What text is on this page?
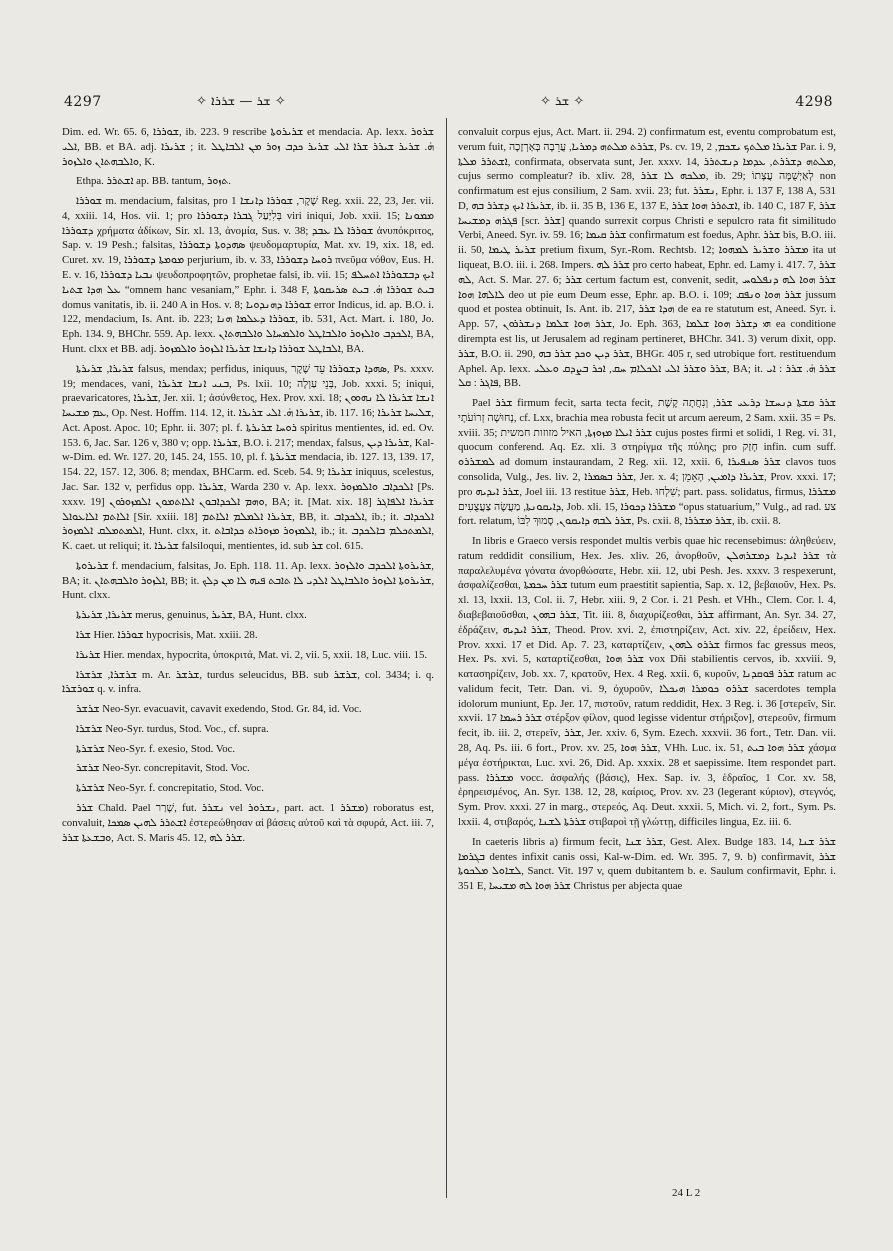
4297	✧ ܫܪ — ܫܪܪܐ ✧	✧ ܫܪ ✧	4298

Dim. ed. Wr. 65. 6, ܫܘܪܪܐ, ib. 223. 9 rescribe ܫܪܝܪܘܬܐ et mendacia. Ap. lexx. ܫܪܘܪ ܐܠܝ, BB. et BA. adj. ܫܪܝܪܐ ; it. ܗ̇. ܫܪܝܪ ܫܝܪܪ ܫܪܐ ܐܠܝ ܫܪܝܪ ܟܕܒ ܙܘܪ ܡܢ ܐܠܒܐܛܠ ܘܐܠܒܗܬܐܢ ܘܐܠܙܘܪ, K.

Ethpa. ܐܫܬܪܪ ap. BB. tantum, ܬܙܘܪ.

ܫܘܪܪܐ m. mendacium, falsitas, pro שֶׁקֶר, ܫܘܪܪܐ ܕܐܢܫܐ 1 Reg. xxii. 22, 23, Jer. vii. 4, xxiii. 14, Hos. vii. 1; pro בְּלִיַּעַל ܓܒܪܐ ܕܫܘܪܪܐ viri iniqui, Job. xxii. 15; ܡܡܘܢܐ ܕܫܘܪܪܐ χρήματα ἀδίκων, Sir. xl. 13, ἀνομία, Sus. v. 38; ܫܘܪܪܐ ܠܐ ܥܒܕ ἀνυπόκριτος, Sap. v. 19 Pesh.; falsitas, ܣܗܕܘܬܐ ܕܫܘܪܪܐ ψευδομαρτυρία, Mat. xv. 19, xix. 18, ed. Curet. xv. 19, ܡܘܡܬܐ ܕܫܘܪܪܐ perjurium, ib. v. 33, ܪܘܚܐ ܕܫܘܪܪܐ πνεῦμα νόθον, Eus. H. E. v. 16, ܢܒܝܐ ܕܫܘܪܪܐ ψευδοπροφητῶν, prophetae falsi, ib. vii. 15; ܐܝܟ ܕܒܫܘܪܪܐ ܐܬܚܠܦ ܥܠ ܗܕܐ ܫܬܝܐ “omnem hanc vesaniam,” Ephr. i. 348 F, ܒܝܬ ܫܘܪܪܐ ܗ̇. ܒܝܬ ܣܪܝܩܘܬܐ domus vanitatis, ib. ii. 240 A in Hos. v. 8; ܫܘܪܪܐ ܕܗܢܕܘܝܐ error Indicus, id. ap. B.O. i. 122, mendacium, Is. Ant. ib. 223; ܫܘܪܪܐ ܕܥܠܡܐ ܗܢܐ, ib. 531, Act. Mart. i. 180, Jo. Eph. 134. 9, BHChr. 559. Ap. lexx. ܐܠܟܕܒ ܘܐܠܙܘܪ ܘܐܠܒܐܛܠ ܘܐܠܡܚܐܠ ܘܐܠܒܗܬܐܢ, BA, Hunt. clxx et BB. adj. ܐܠܒܐܛܠ ܫܘܪܪܐ ܕܐܢܫܐ ܫܪܝܪܐ ܐܠܙܘܪ ܘܐܠܡܙܘܪ, BA.

ܫܪܝܪܐ, ܫܪܝܪܬܐ falsus, mendax; perfidus, iniquus, ܣܗܕܐ ܕܫܘܪܪܐ עֵד שֶׁקֶר, Ps. xxxv. 19; mendaces, vani, ܒܢܝ ܐܢܫܐ ܫܪܝܪܐ, Ps. lxii. 10; בְּנֵי עַוְלָה, Job. xxxi. 5; iniqui, praevaricatores, ܫܪܝܪܐ, Jer. xii. 1; ἀσύνθετος, Hex. Prov. xxi. 18; ܐܢܫܐ ܫܪܝܪܐ ܠܐ ܢܗܘܘܢ ܥܡ ܡܫܝܚܐ, Op. Nest. Hoffm. 114. 12, it. ܫܪܝܪܐ ܗ̇. ܐܠܝ ܫܪܝܪܐ, ib. 117. 16; ܫܠܝܚܐ ܫܪܝܪܐ, Act. Apost. Apoc. 10; Ephr. ii. 307; pl. f. ܪܘܚܐ ܫܪܝܪܬܐ spiritus mentientes, id. ed. Ov. 153. 6, Jac. Sar. 126 v, 380 v; opp. ܫܪܝܪܐ, B.O. i. 217; mendax, falsus, ܫܪܝܪܐ ܕܝܢ, Kal-w-Dim. ed. Wr. 127. 20, 145. 24, 155. 10, pl. f. ܫܪܝܪܬܐ mendacia, ib. 127. 13, 139. 17, 154. 22, 157. 12, 306. 8; mendax, BHCarm. ed. Sceb. 54. 9; ܫܪܝܪܐ iniquus, scelestus, Jac. Sar. 132 v, perfidus opp. ܫܪܝܪܐ, Warda 230 v. Ap. lexx. ܐܠܟܕܐܒ ܘܐܠܡܙܘܪ [Ps. xxxv. 19] ܘܗܡ ܐܠܟܕܐܒܘܢ ܐܠܐܬܡܘܢ ܐܠܡܙܘܪܘܢ, BA; it. [Mat. xix. 18] ܫܪܝܪܐ ܐܠܦܐܓܪ ܐܠܐܬܡ ܐܠܐܥܘܐܠ [Sir. xxiii. 18] ܫܪܝܪܐ ܐܠܡܠܡ ܐܠܐܬܡ, BB, it. ܐܠܟܕܐܒ, ib.; it. ܐܠܟܕܐܒ ܐܠܡܬܡܠܩ ܐܠܡܙܘܪ, Hunt. clxx, it. ܐܠܡܙܘܪ ܡܙܘܪܐܬ ܟܕܐܒܐܬ, ib.; it. ܐܠܡܬܟܠܡ ܒܐܠܟܕܒ, K. caet. ut reliqui; it. ܫܪܝܪܐ falsiloqui, mentientes, id. sub ܫܪ col. 615.

ܫܪܝܪܘܬܐ f. mendacium, falsitas, Jo. Eph. 118. 11. Ap. lexx. ܫܪܝܪܘܬܐ ܐܠܟܕܒ ܘܐܠܙܘܪ, BA; it. ܐܠܙܘܪ ܘܐܠܒܗܬܐܢ, BB; it. ܫܪܝܪܘܬܐ ܐܠܙܘܪ ܘܐܠܒܐܛܠ ܐܠܕܝ ܠܐ ܬܐܒܬ ܦܝܗ ܠܐ ܡܢ ܕܠܟ, Hunt. clxx.

ܫܪܝܪܐ, ܫܪܝܪܬܐ merus, genuinus, ܫܪܝܪ, BA, Hunt. clxx.

ܫܪܐ Hier. ܫܘܪܪܐ hypocrisis, Mat. xxiii. 28.

ܫܪܝܪܐ Hier. mendax, hypocrita, ὑποκριτά, Mat. vi. 2, vii. 5, xxii. 18, Luc. viii. 15.

ܫܪܫܪܐ, ܫܪܫܪܐ m. Ar. ܫܪܫܪ, turdus seleucidus, BB. sub ܫܪܫܪ, col. 3434; i. q. ܫܘܪܫܪܐ q. v. infra.

ܫܪܫܪ Neo-Syr. evacuavit, cavavit exedendo, Stod. Gr. 84, id. Voc.

ܫܪܫܪܐ Neo-Syr. turdus, Stod. Voc., cf. supra.

ܫܪܫܪܬܐ Neo-Syr. f. exesio, Stod. Voc.

ܫܪܫܪ Neo-Syr. concrepitavit, Stod. Voc.

ܫܪܫܪܬܐ Neo-Syr. f. concrepitatio, Stod. Voc.

ܫܪܪ Chald. Pael שָׁרַר, fut. ܢܫܪܪ vel ܢܫܪܘܪ, part. act. ܡܫܪܪ 1) roboratus est, convaluit, ܐܫܬܪܪ ܠܗܝܢ ܣܡܟܐ ἐστερεώθησαν αἱ βάσεις αὐτοῦ καὶ τὰ σφυρά, Act. iii. 7, ܘܒܫܥܬܐ ܫܪܪ, Act. S. Maris 45. 12, ܫܪܪ ܠܗ.

convaluit corpus ejus, Act. Mart. ii. 294. 2) confirmatum est, eventu comprobatum est, verum fuit, ܫܪܪܬ ܡܠܬܗ ܕܡܪܝܐ, עֲרֵבָה בְּאַרְזָכָה, Ps. cv. 19, ܫܪܝܪܐ ܡܠܬܟ ܝܫܟܡ, 2 Par. i. 9, ܐܫܬܪܪ ܡܠܬܐ, confirmata, observata sunt, Jer. xxxv. 14, ܡܠܬܗ ܕܫܪܪܬ, ܥܕܡܐ ܕܢܫܬܪܪ, cujus sermo compleatur? ib. xliv. 28, ܡܠܟܗ ܠܐ ܫܪܪ, ib. 29; לְאַיְשֻׁמָּה עֲצָתוֹ non confirmatum est ejus consilium, 2 Sam. xvii. 23; fut. ܢܫܪܪ, Ephr. i. 137 F, 138 A, 531 D, ܫܪܝܪܐ ܐܝܟ ܕܫܪܪ ܒܗ, ib. ii. 35 B, 136 E, 137 E, ܐܫܬܪܪ ܗܘܐ ܫܪܪ, ib. 140 C, 187 F, ܫܪܪ ܦܓܪܗ ܕܡܫܝܚܐ [scr. ܫܪܪ] quando surrexit corpus Christi e sepulcro rata fit similitudo Verbi, Aneed. Syr. iv. 59. 16; ܫܪܪ ܩܝܡܐ confirmatum est foedus, Aphr. ܫܪܪ bis, B.O. iii. ii. 50, ܫܪܝܪ ܛܝܡܐ pretium fixum, Syr.-Rom. Rechtsb. 12; ܡܫܪܪ ܘܫܪܝܪ ܠܡܗܘܐ ita ut liqueat, B.O. iii. i. 268. Impers. ܫܪܪ ܠܗ pro certo habeat, Ephr. ed. Lamy i. 417. 7, ܫܪܪ ܠܗ, Act. S. Mar. 27. 6; ܫܪܪ certum factum est, convenit, sedit, ܫܪܪ ܗܘܐ ܠܗ ܕܢܦܠܘܚ ܠܐܠܗܐ ܗܘܐ deo ut pie eum Deum esse, Ephr. ap. B.O. i. 109; ܫܪܪ ܗܘܐ ܘܢܦܩ jussum quod et postea obtinuit, Is. Ant. ib. 217, ܗܕܐ ܫܪܪ de ea re statutum est, Aneed. Syr. i. App. 57, ܫܪܪ ܗܘܐ ܫܠܡܐ ܕܢܫܪܪܘܢ, Jo. Eph. 363, ܗܝ ܕܫܪܪ ܗܘܐ ܫܠܡܐ ea conditione dirempta est lis, ut Jerusalem ad reginam pertineret, BHChr. 341. 3) verum dixit, opp. ܫܪܪ, B.O. ii. 290, ܫܪܪ ܕܝܢ ܘܟܕ ܫܪܪ ܒܗ, BHGr. 405 r, sed utrobique fort. restituendum Aphel. Ap. lexx. ܫܪܪ ܘܫܪܪ ܐܠܝ ܐܠܟܠܐܡ ܚܩ, ܐܟܪ ܒܨܕܩ ܘܥܠܝ, BA; it. ܫܪܪ ܗ̇. ܫܪܪ : ܐܝ ܦܐܓܪ : ܩܠ, BB.

Pael ܫܪܪ firmum fecit, sarta tecta fecit, ܫܪܪ ܩܫܬܐ ܕܢܚܫܐ ܕܪܥܝ ܫܪܪ, וְנִחֲתָה קֶשֶׁת נְחוּשָׁה זְרוֹעֹתָי, cf. Lxx, brachia mea robusta fecit ut arcum aereum, 2 Sam. xxii. 35 = Ps. xviii. 35; ܫܪܪ ܐܝܠܐ ܡܙܘܙܬܐ, האיל מזוזות חמשית cujus postes firmi et solidi, 1 Reg. vi. 31, quocum conferend. Aq. Ez. xli. 3 στηρίγμα τῆς πύλης; pro חָזַק infin. cum suff. ܠܡܫܪܪܘ ad domum instaurandam, 2 Reg. xii. 12, xxii. 6, ܫܪܪ ܣܢܦܝܪܐ clavos tuos consolida, Vulg., Jes. liv. 2, ܫܪܪ ܒܣܡܪܐ, Jer. x. 4; ܫܪܝܪܐ ܕܐܡܝܢ, הָאָמֵן, Prov. xxxi. 17; pro ܫܪܪ ܐܝܕܝܗ, Joel iii. 13 restitue ܫܪܪ, Heb. שִׁלְחוּ; part. pass. solidatus, firmus, ܡܫܪܪܐ ܕܐܝܩܘܢܬܐ, מַעֲשֶׂה צַעֲצֻעִים, Job. xli. 15, ܡܫܪܪܐ ܕܟܘܪܐ “opus statuarium,” Vulg., ad rad. צע fort. relatum, ܫܪܪ ܠܒܗ ܕܐܝܩܘܢ, סָמוּךְ לִבּוֹ, Ps. cxii. 8, ܫܪܪ ܡܫܪܪܐ, ib. cxii. 8.

In libris e Graeco versis respondet multis verbis quae hic recensebimus: ἀληθεύειν, ratum reddidit consilium, Hex. Jes. xliv. 26, ἀνορθοῦν, ܫܪܪ ܐܝܕܝܐ ܕܡܫܪܗܠܢ τὰ παραλελυμένα γόνατα ἀνορθώσατε, Hebr. xii. 12, ubi Pesh. Jes. xxxv. 3 respexerunt, ἀσφαλίζεσθαι, ܫܪܪ ܚܟܡܬܐ tutum eum praestitit sapientia, Sap. x. 12, βεβαιοῦν, Hex. Ps. xl. 13, lxxii. 13, Col. ii. 7, Hebr. xiii. 9, 2 Cor. i. 21 Pesh. et VHh., Clem. Cor. l. 4, διαβεβαιοῦσθαι, ܫܪܪ ܒܗܘܢ, Tit. iii. 8, διαχυρίζεσθαι, ܫܪܪ affirmant, An. Syr. 34. 27, ἐδράζειν, ܫܪܪ ܐܝܕܝܗ, Theod. Prov. xvi. 2, ἐπιστηρίζειν, Act. xiv. 22, ἐρείδειν, Hex. Prov. xxxi. 17 et Did. Ap. 7. 23, καταρτίζειν, ܫܪܪܘ ܠܗܘܢ firmos fac gressus meos, Hex. Ps. xvi. 5, καταρτίζεσθαι, ܫܪܪ ܗܘܐ vox Dñi stabilientis cervos, ib. xxviii. 9, κατασηρίζειν, Job. xx. 7, κρατοῦν, Hex. 4 Reg. xxii. 6, κυροῦν, ܫܪܪ ܦܘܩܕܢܐ ratum ac validum fecit, Tetr. Dan. vi. 9, ὀχυροῦν, ܫܪܪܘ ܟܘܡܪܐ ܗܝܟܠܐ sacerdotes templa idolorum muniunt, Ep. Jer. 17, πιστοῦν, ratum reddidit, Hex. 3 Reg. i. 36 [στερεῖν, Sir. xxvii. 17 ܫܪܪ ܪܚܡܐ στέρξον φίλον, quod legisse videntur στήριξον], στερεοῦν, firmum fecit, ib. iii. 2, στερεῖν, ܫܪܪ, Jer. xxiv. 6, Sym. Ezech. xxxvii. 36 fort., Tetr. Dan. vii. 28, Aq. Ps. iii. 6 fort., Prov. xv. 25, ܫܪܪ ܗܘܐ, VHh. Luc. ix. 51, ܫܪܪ ܗܘܐ ܒܝܬ χάσμα μέγα ἐστήρικται, Luc. xvi. 26, Did. Ap. xxxix. 28 et saepissime. Item respondet part. pass. ܡܫܪܪܐ vocc. ἀσφαλής (βάσις), Hex. Sap. iv. 3, ἑδραῖος, 1 Cor. xv. 58, ἐρηρεισμένος, An. Syr. 138. 12, 28, καίριος, Prov. xv. 23 (legerant κύριον), στεγνός, Sym. Prov. xxxi. 27 in marg., στερεός, Aq. Deut. xxxii. 5, Mich. vi. 2, fort., Sym. Ps. lxxii. 4, στιβαρός, ܫܪܪܬܐ ܠܫܢܐ στιβαροὶ τῇ γλώττῃ, difficiles lingua, Ez. iii. 6.

In caeteris libris a) firmum fecit, ܫܪܪ ܫܢܐ, Gest. Alex. Budge 183. 14, ܫܪܪ ܫܢܐ ܒܓܪܡܐ dentes infixit canis ossi, Kal-w-Dim. ed. Wr. 395. 7, 9. b) confirmavit, ܫܪܪ ܠܫܐܘܠ ܡܠܟܘܬܐ, Sanct. Vit. 197 v, quem dubitantem b. e. Saulum confirmavit, Ephr. i. 351 E, ܫܪܪ ܗܘܐ ܠܗ ܡܫܝܚܐ Christus per abjecta quae

24 L 2
